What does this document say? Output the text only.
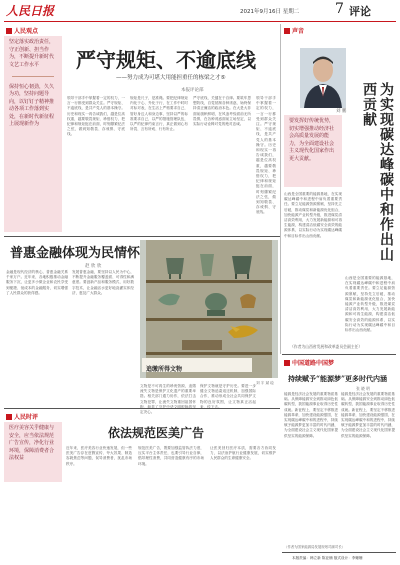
人民日报	2021年9月16日 星期二	7 评论
人民观点
坚定落实政治责任，守正创新、担当作为，不断提升新时代文艺工作水平
保持恒心韧劲，久久为功，坚持问题导向，以钉钉子精神推动各项工作落到实处，在新时代新征程上展现新作为
严守规矩、不逾底线
——努力成为可堪大用能担重任的栋梁之才⑤
本报评论部
领导干部手中掌握着一定的权力，一言一行都受到群众关注。严守规矩、不逾底线，是共产党人的基本操守。历史和现实一再告诫我们，越是位高权重，越要敬畏规矩、珍惜权力，把纪律和规矩挺在前面，时刻绷紧纪法之弦，做到知敬畏、存戒惧、守底线。
规矩是尺子，是准绳。要把纪律规矩内化于心、外化于行，在工作中时时对标对表，在生活上严格要求自己，管好身边人和身边事，坚持以严的标准要求自己，以严的措施管理队伍，以严的纪律约束言行，真正做到心有所畏、言有所戒、行有所止。
严守底线，关键在于自律。要筑牢思想防线，自觉抵制各种诱惑，始终保持清正廉洁的政治本色。在大是大非面前旗帜鲜明，在风浪考验面前无所畏惧，在各种诱惑面前立场坚定，以实际行动诠释对党的绝对忠诚。
领导干部手中掌握着一定的权力，一言一行都受到群众关注。严守规矩、不逾底线，是共产党人的基本操守。历史和现实一再告诫我们，越是位高权重，越要敬畏规矩、珍惜权力，把纪律和规矩挺在前面，时刻绷紧纪法之弦，做到知敬畏、存戒惧、守底线。
声音
刘 鹏
要发挥好传统优势，切实增强推动经济社会高质量发展的能力，为全面建设社会主义现代化国家作出更大贡献。	为实现碳达峰碳中和作出山西贡献
山西是全国重要的能源基地，在实现碳达峰碳中和进程中肩负着重要责任。要立足能源资源禀赋，坚持先立后破，推动煤炭和新能源优化组合，加快能源产业转型升级，推进煤炭清洁高效利用，大力发展新能源和可再生能源，构建清洁低碳安全高效的能源体系，以实际行动为实现碳达峰碳中和目标作出山西贡献。
山西是全国重要的能源基地，在实现碳达峰碳中和进程中肩负着重要责任。要立足能源资源禀赋，坚持先立后破，推动煤炭和新能源优化组合，加快能源产业转型升级，推进煤炭清洁高效利用，大力发展新能源和可再生能源，构建清洁低碳安全高效的能源体系，以实际行动为实现碳达峰碳中和目标作出山西贡献。
（作者为山西省发展和改革委员会副主任）
普惠金融体现为民情怀
赵 欣 欣
金融是现代经济的核心，普惠金融关系千家万户。近年来，各地积极推动金融服务下沉，让更多小微企业和农民享受到便捷、低成本的金融服务，切实增强了人民群众的获得感。
发展普惠金融，要坚持以人民为中心，不断提升金融服务覆盖面、可得性和满意度。要创新产品和服务模式，用好数字技术，让金融活水更好地浇灌实体经济，惠及广大群众。
追缴所得文物
刘 宇 斌 绘
文物是不可再生的珍贵资源，追缴流失文物是保护文化遗产的重要举措。相关部门通力协作，依法打击文物犯罪，让流失文物重回祖国怀抱，彰显了守护中华文明根脉的坚定决心。
保护文物就是守护历史。要进一步健全文物追索返还机制，加强国际合作，推动形成全社会共同保护文物的良好氛围，让文物真正活起来、传下去。
中国道路中国梦
持续赋予“能源梦”更多时代内涵
张 晓 明
能源是经济社会发展的重要物质基础。从保障能源安全到推动绿色低碳转型，我国能源事业取得历史性成就。新征程上，要坚定不移推进能源革命，加快建设能源强国，在实现碳达峰碳中和的进程中，持续赋予能源梦更加丰富的时代内涵，为全面建设社会主义现代化国家提供坚实的能源保障。
能源是经济社会发展的重要物质基础。从保障能源安全到推动绿色低碳转型，我国能源事业取得历史性成就。新征程上，要坚定不移推进能源革命，加快建设能源强国，在实现碳达峰碳中和的进程中，持续赋予能源梦更加丰富的时代内涵，为全面建设社会主义现代化国家提供坚实的能源保障。
（作者为国家能源局发展规划司副司长）
人民时评
医疗美容关乎健康与安全，应当依法规范广告宣传，净化行业环境，保障消费者合法权益
依法规范医美广告
近年来，医疗美容行业快速发展，但一些医美广告存在虚假宣传、夸大效果、制造容貌焦虑等问题，误导消费者，扰乱市场秩序。
规范医美广告，既要加强监管执法力度，压实平台主体责任，也要引导行业自律，倡导理性消费，共同营造健康有序的市场环境。
让医美回归医疗本质，需要各方协同发力，以法治护航行业健康发展，切实维护人民群众的生命健康安全。
本版责编：韩立新 陈亚楠 版式设计：李姗姗
